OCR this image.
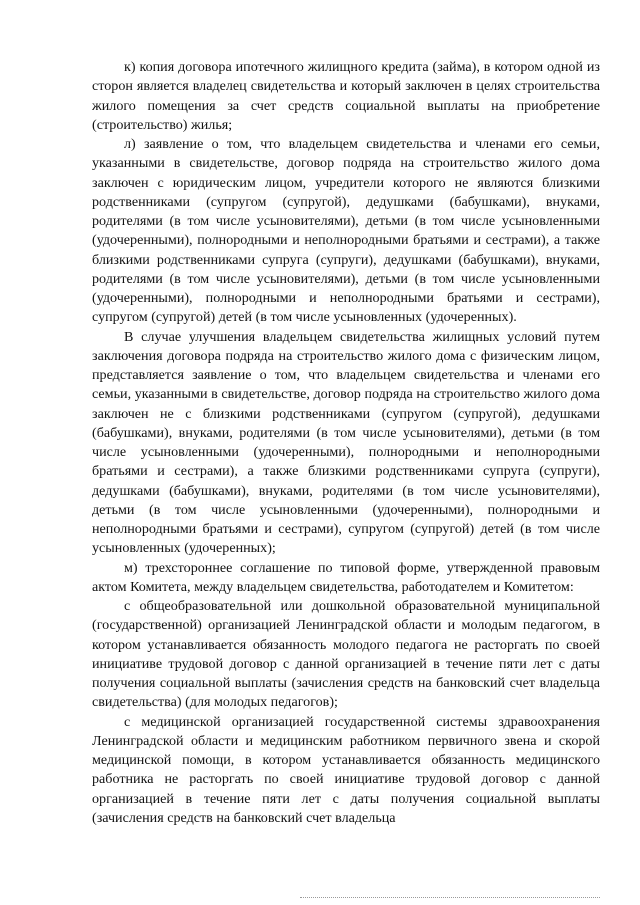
к) копия договора ипотечного жилищного кредита (займа), в котором одной из сторон является владелец свидетельства и который заключен в целях строительства жилого помещения за счет средств социальной выплаты на приобретение (строительство) жилья;

л) заявление о том, что владельцем свидетельства и членами его семьи, указанными в свидетельстве, договор подряда на строительство жилого дома заключен с юридическим лицом, учредители которого не являются близкими родственниками (супругом (супругой), дедушками (бабушками), внуками, родителями (в том числе усыновителями), детьми (в том числе усыновленными (удочеренными), полнородными и неполнородными братьями и сестрами), а также близкими родственниками супруга (супруги), дедушками (бабушками), внуками, родителями (в том числе усыновителями), детьми (в том числе усыновленными (удочеренными), полнородными и неполнородными братьями и сестрами), супругом (супругой) детей (в том числе усыновленных (удочеренных).

В случае улучшения владельцем свидетельства жилищных условий путем заключения договора подряда на строительство жилого дома с физическим лицом, представляется заявление о том, что владельцем свидетельства и членами его семьи, указанными в свидетельстве, договор подряда на строительство жилого дома заключен не с близкими родственниками (супругом (супругой), дедушками (бабушками), внуками, родителями (в том числе усыновителями), детьми (в том числе усыновленными (удочеренными), полнородными и неполнородными братьями и сестрами), а также близкими родственниками супруга (супруги), дедушками (бабушками), внуками, родителями (в том числе усыновителями), детьми (в том числе усыновленными (удочеренными), полнородными и неполнородными братьями и сестрами), супругом (супругой) детей (в том числе усыновленных (удочеренных);

м) трехстороннее соглашение по типовой форме, утвержденной правовым актом Комитета, между владельцем свидетельства, работодателем и Комитетом:

с общеобразовательной или дошкольной образовательной муниципальной (государственной) организацией Ленинградской области и молодым педагогом, в котором устанавливается обязанность молодого педагога не расторгать по своей инициативе трудовой договор с данной организацией в течение пяти лет с даты получения социальной выплаты (зачисления средств на банковский счет владельца свидетельства) (для молодых педагогов);

с медицинской организацией государственной системы здравоохранения Ленинградской области и медицинским работником первичного звена и скорой медицинской помощи, в котором устанавливается обязанность медицинского работника не расторгать по своей инициативе трудовой договор с данной организацией в течение пяти лет с даты получения социальной выплаты (зачисления средств на банковский счет владельца
